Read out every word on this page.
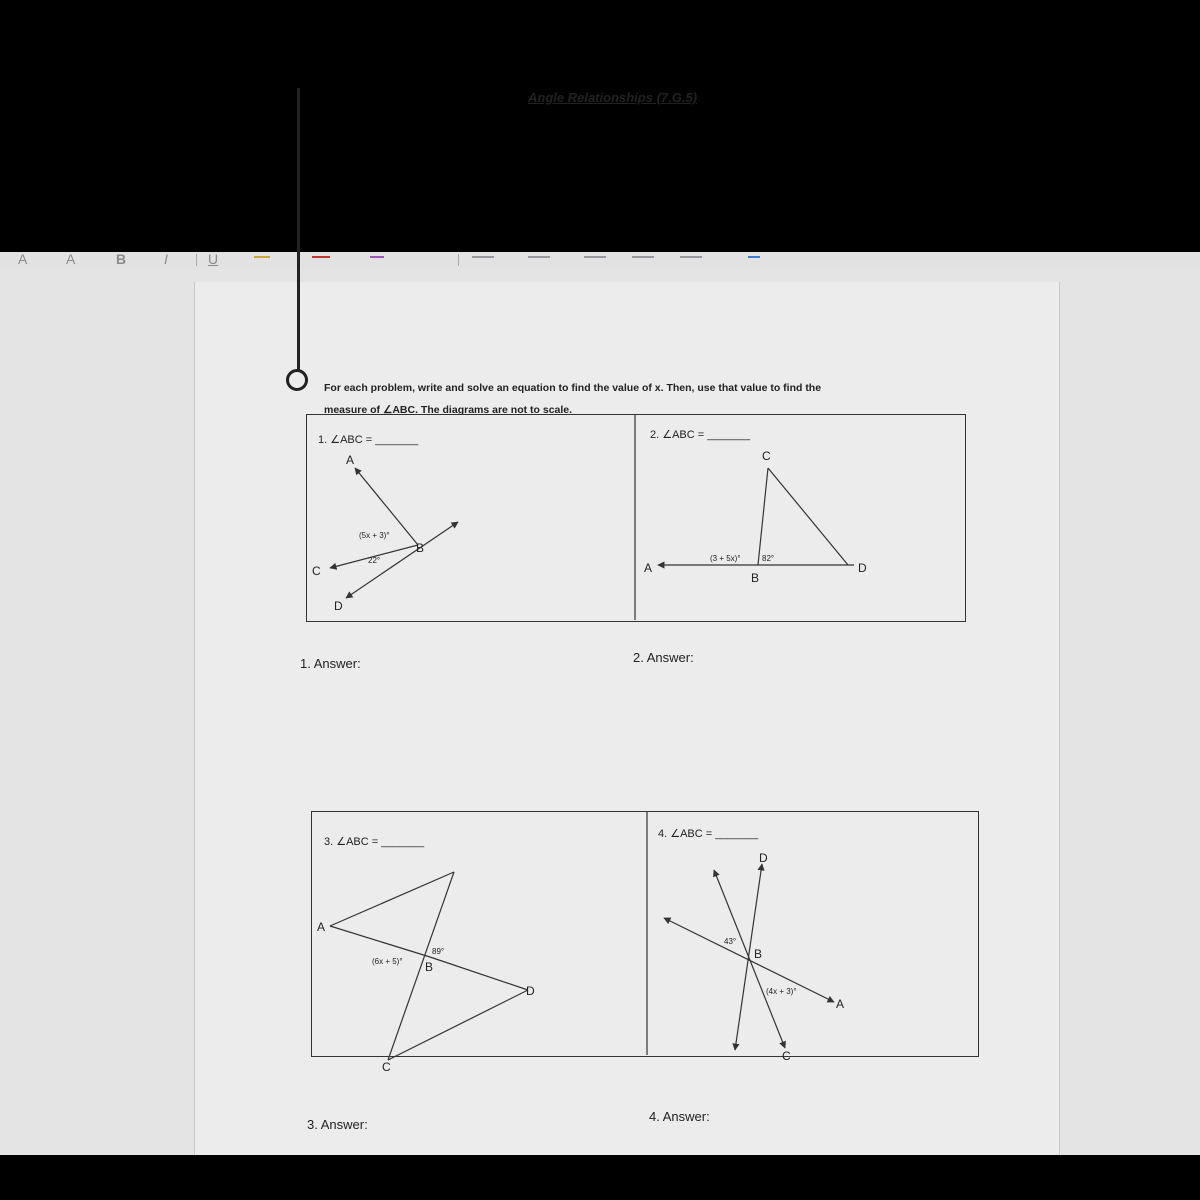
A	A	B	I	U
Angle Relationships (7.G.5)
For each problem, write and solve an equation to find the value of x. Then, use that value to find the
measure of ∠ABC. The diagrams are not to scale.
1. ∠ABC = _______
A
B
C
D
(5x + 3)°
22°
2. ∠ABC = _______
C
A
B
D
(3 + 5x)°	82°
3. ∠ABC = _______
A
B
C
D
(6x + 5)°
89°
4. ∠ABC = _______
D
B
A
C
(4x + 3)°
43°
1. Answer:	2. Answer:
3. Answer:
4. Answer:
